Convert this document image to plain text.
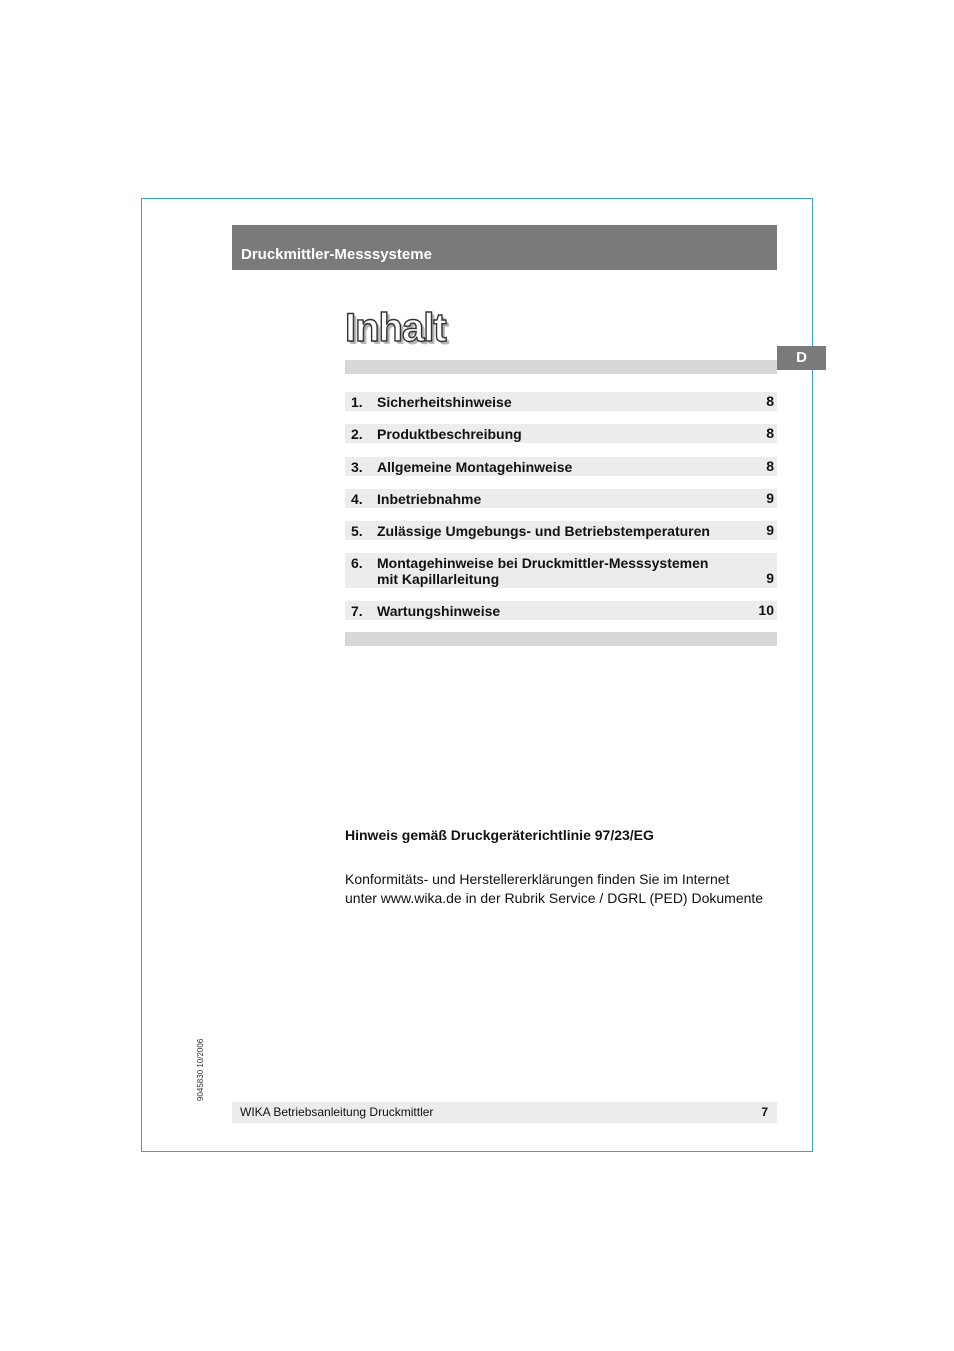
Druckmittler-Messsysteme
Inhalt
D
1. Sicherheitshinweise	8
2. Produktbeschreibung	8
3. Allgemeine Montagehinweise	8
4. Inbetriebnahme	9
5. Zulässige Umgebungs- und Betriebstemperaturen	9
6. Montagehinweise bei Druckmittler-Messsystemen
mit Kapillarleitung	9
7. Wartungshinweise	10
Hinweis gemäß Druckgeräterichtlinie 97/23/EG
Konformitäts- und Herstellererklärungen finden Sie im Internet
unter www.wika.de in der Rubrik Service / DGRL (PED) Dokumente
9045830 10/2006
WIKA Betriebsanleitung Druckmittler	7
